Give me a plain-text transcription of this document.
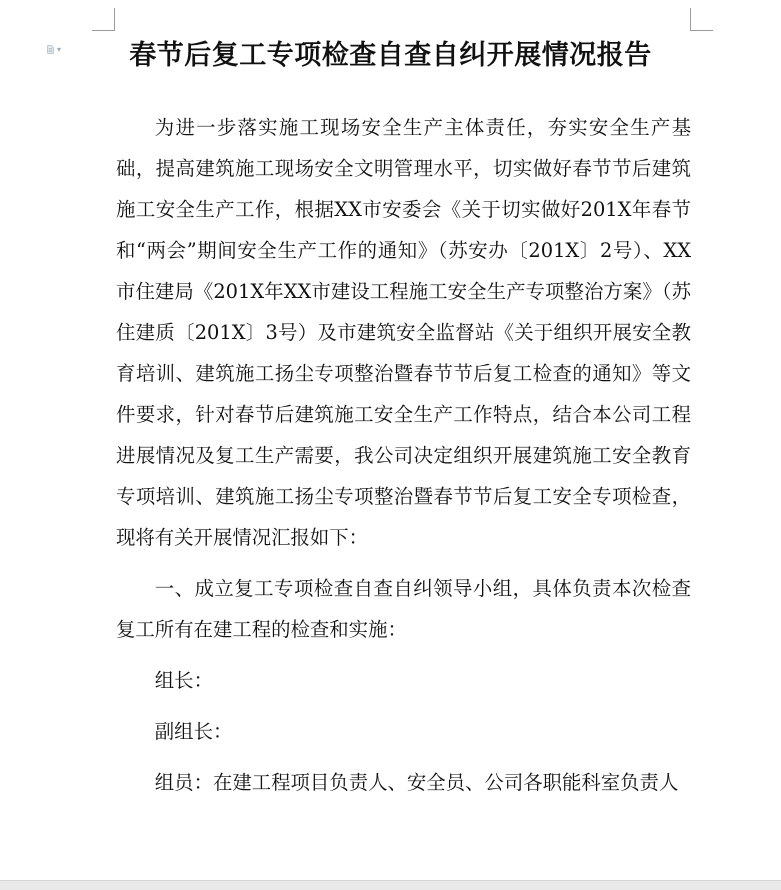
▾	春节后复工专项检查自查自纠开展情况报告

为进一步落实施工现场安全生产主体责任，夯实安全生产基础，提高建筑施工现场安全文明管理水平，切实做好春节节后建筑施工安全生产工作，根据XX市安委会《关于切实做好201X年春节和“两会”期间安全生产工作的通知》（苏安办〔201X〕2号）、XX市住建局《201X年XX市建设工程施工安全生产专项整治方案》（苏住建质〔201X〕3号）及市建筑安全监督站《关于组织开展安全教育培训、建筑施工扬尘专项整治暨春节节后复工检查的通知》等文件要求，针对春节后建筑施工安全生产工作特点，结合本公司工程进展情况及复工生产需要，我公司决定组织开展建筑施工安全教育专项培训、建筑施工扬尘专项整治暨春节节后复工安全专项检查，现将有关开展情况汇报如下：

一、成立复工专项检查自查自纠领导小组，具体负责本次检查复工所有在建工程的检查和实施：

组长：

副组长：

组员：在建工程项目负责人、安全员、公司各职能科室负责人
